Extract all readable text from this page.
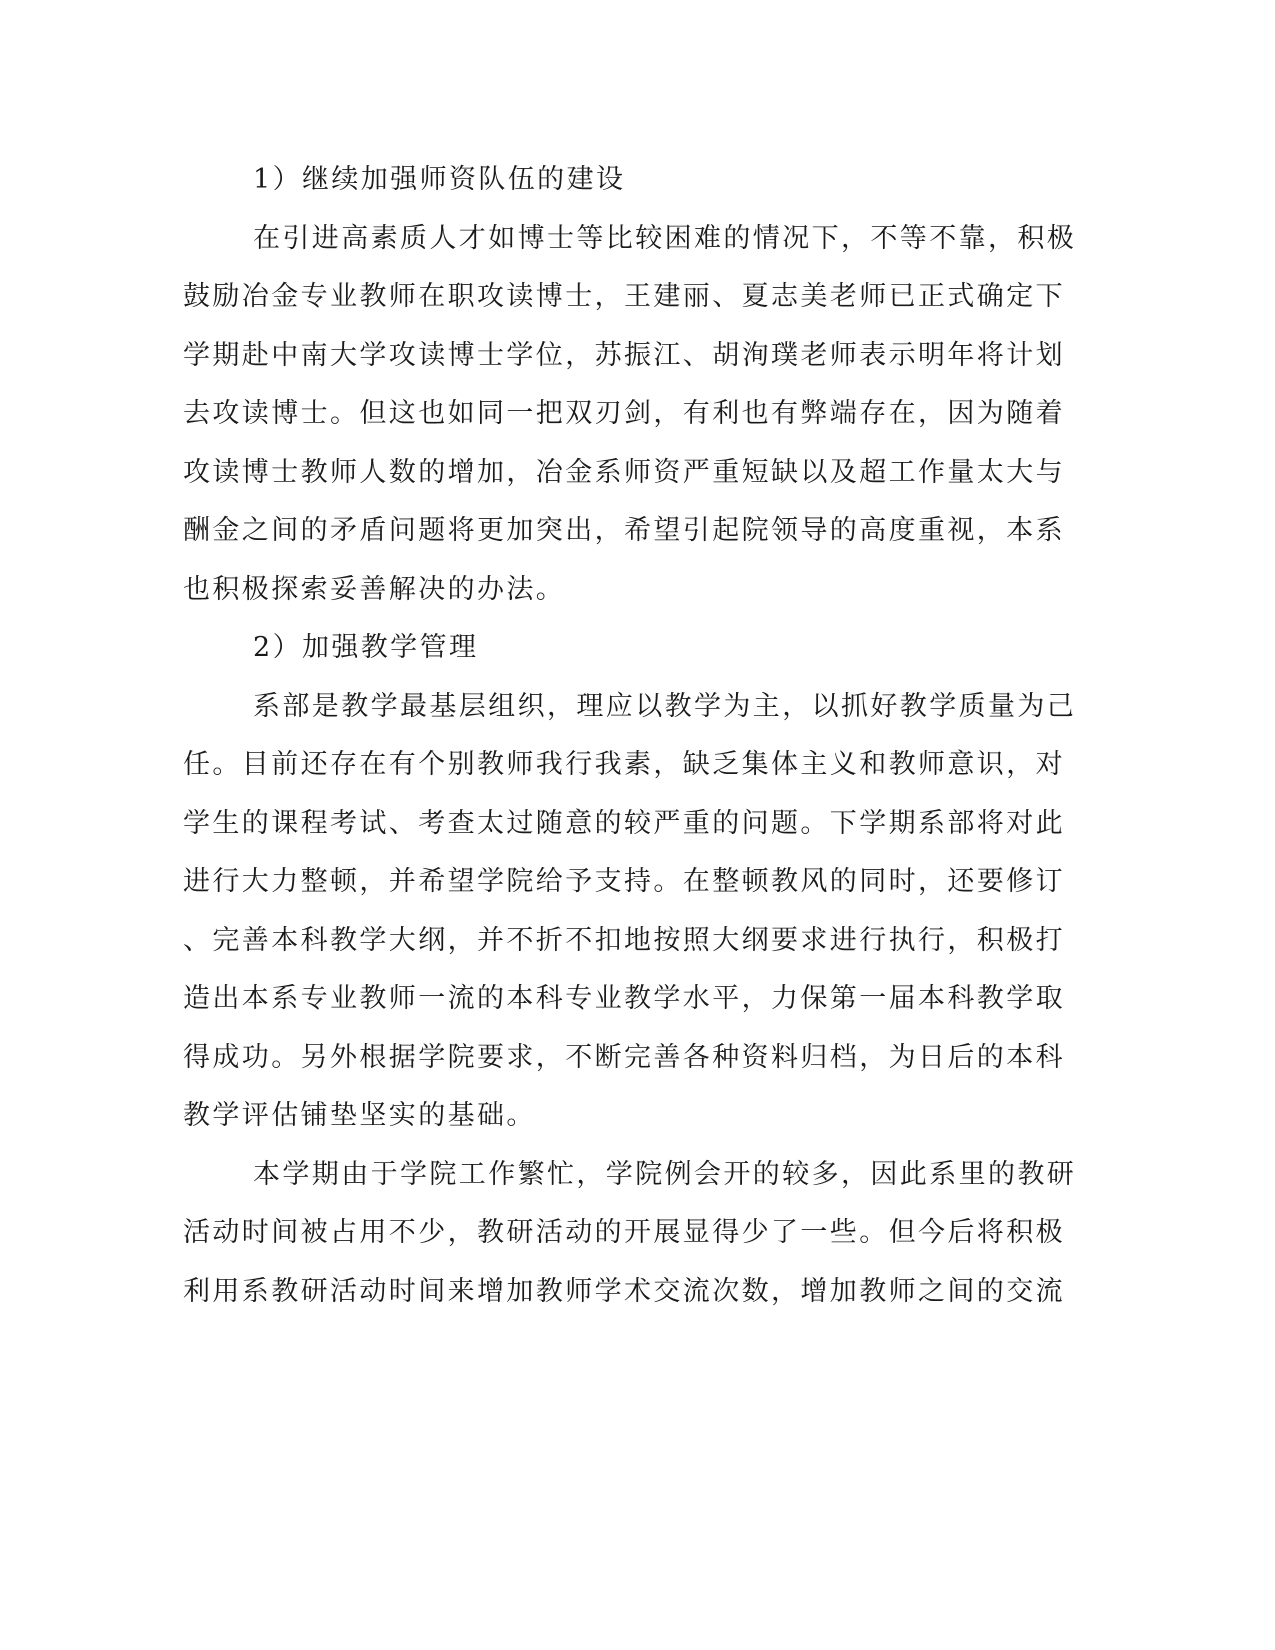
1）继续加强师资队伍的建设

在引进高素质人才如博士等比较困难的情况下，不等不靠，积极

鼓励冶金专业教师在职攻读博士，王建丽、夏志美老师已正式确定下

学期赴中南大学攻读博士学位，苏振江、胡洵璞老师表示明年将计划

去攻读博士。但这也如同一把双刃剑，有利也有弊端存在，因为随着

攻读博士教师人数的增加，冶金系师资严重短缺以及超工作量太大与

酬金之间的矛盾问题将更加突出，希望引起院领导的高度重视，本系

也积极探索妥善解决的办法。

2）加强教学管理

系部是教学最基层组织，理应以教学为主，以抓好教学质量为己

任。目前还存在有个别教师我行我素，缺乏集体主义和教师意识，对

学生的课程考试、考查太过随意的较严重的问题。下学期系部将对此

进行大力整顿，并希望学院给予支持。在整顿教风的同时，还要修订

、完善本科教学大纲，并不折不扣地按照大纲要求进行执行，积极打

造出本系专业教师一流的本科专业教学水平，力保第一届本科教学取

得成功。另外根据学院要求，不断完善各种资料归档，为日后的本科

教学评估铺垫坚实的基础。

本学期由于学院工作繁忙，学院例会开的较多，因此系里的教研

活动时间被占用不少，教研活动的开展显得少了一些。但今后将积极

利用系教研活动时间来增加教师学术交流次数，增加教师之间的交流
